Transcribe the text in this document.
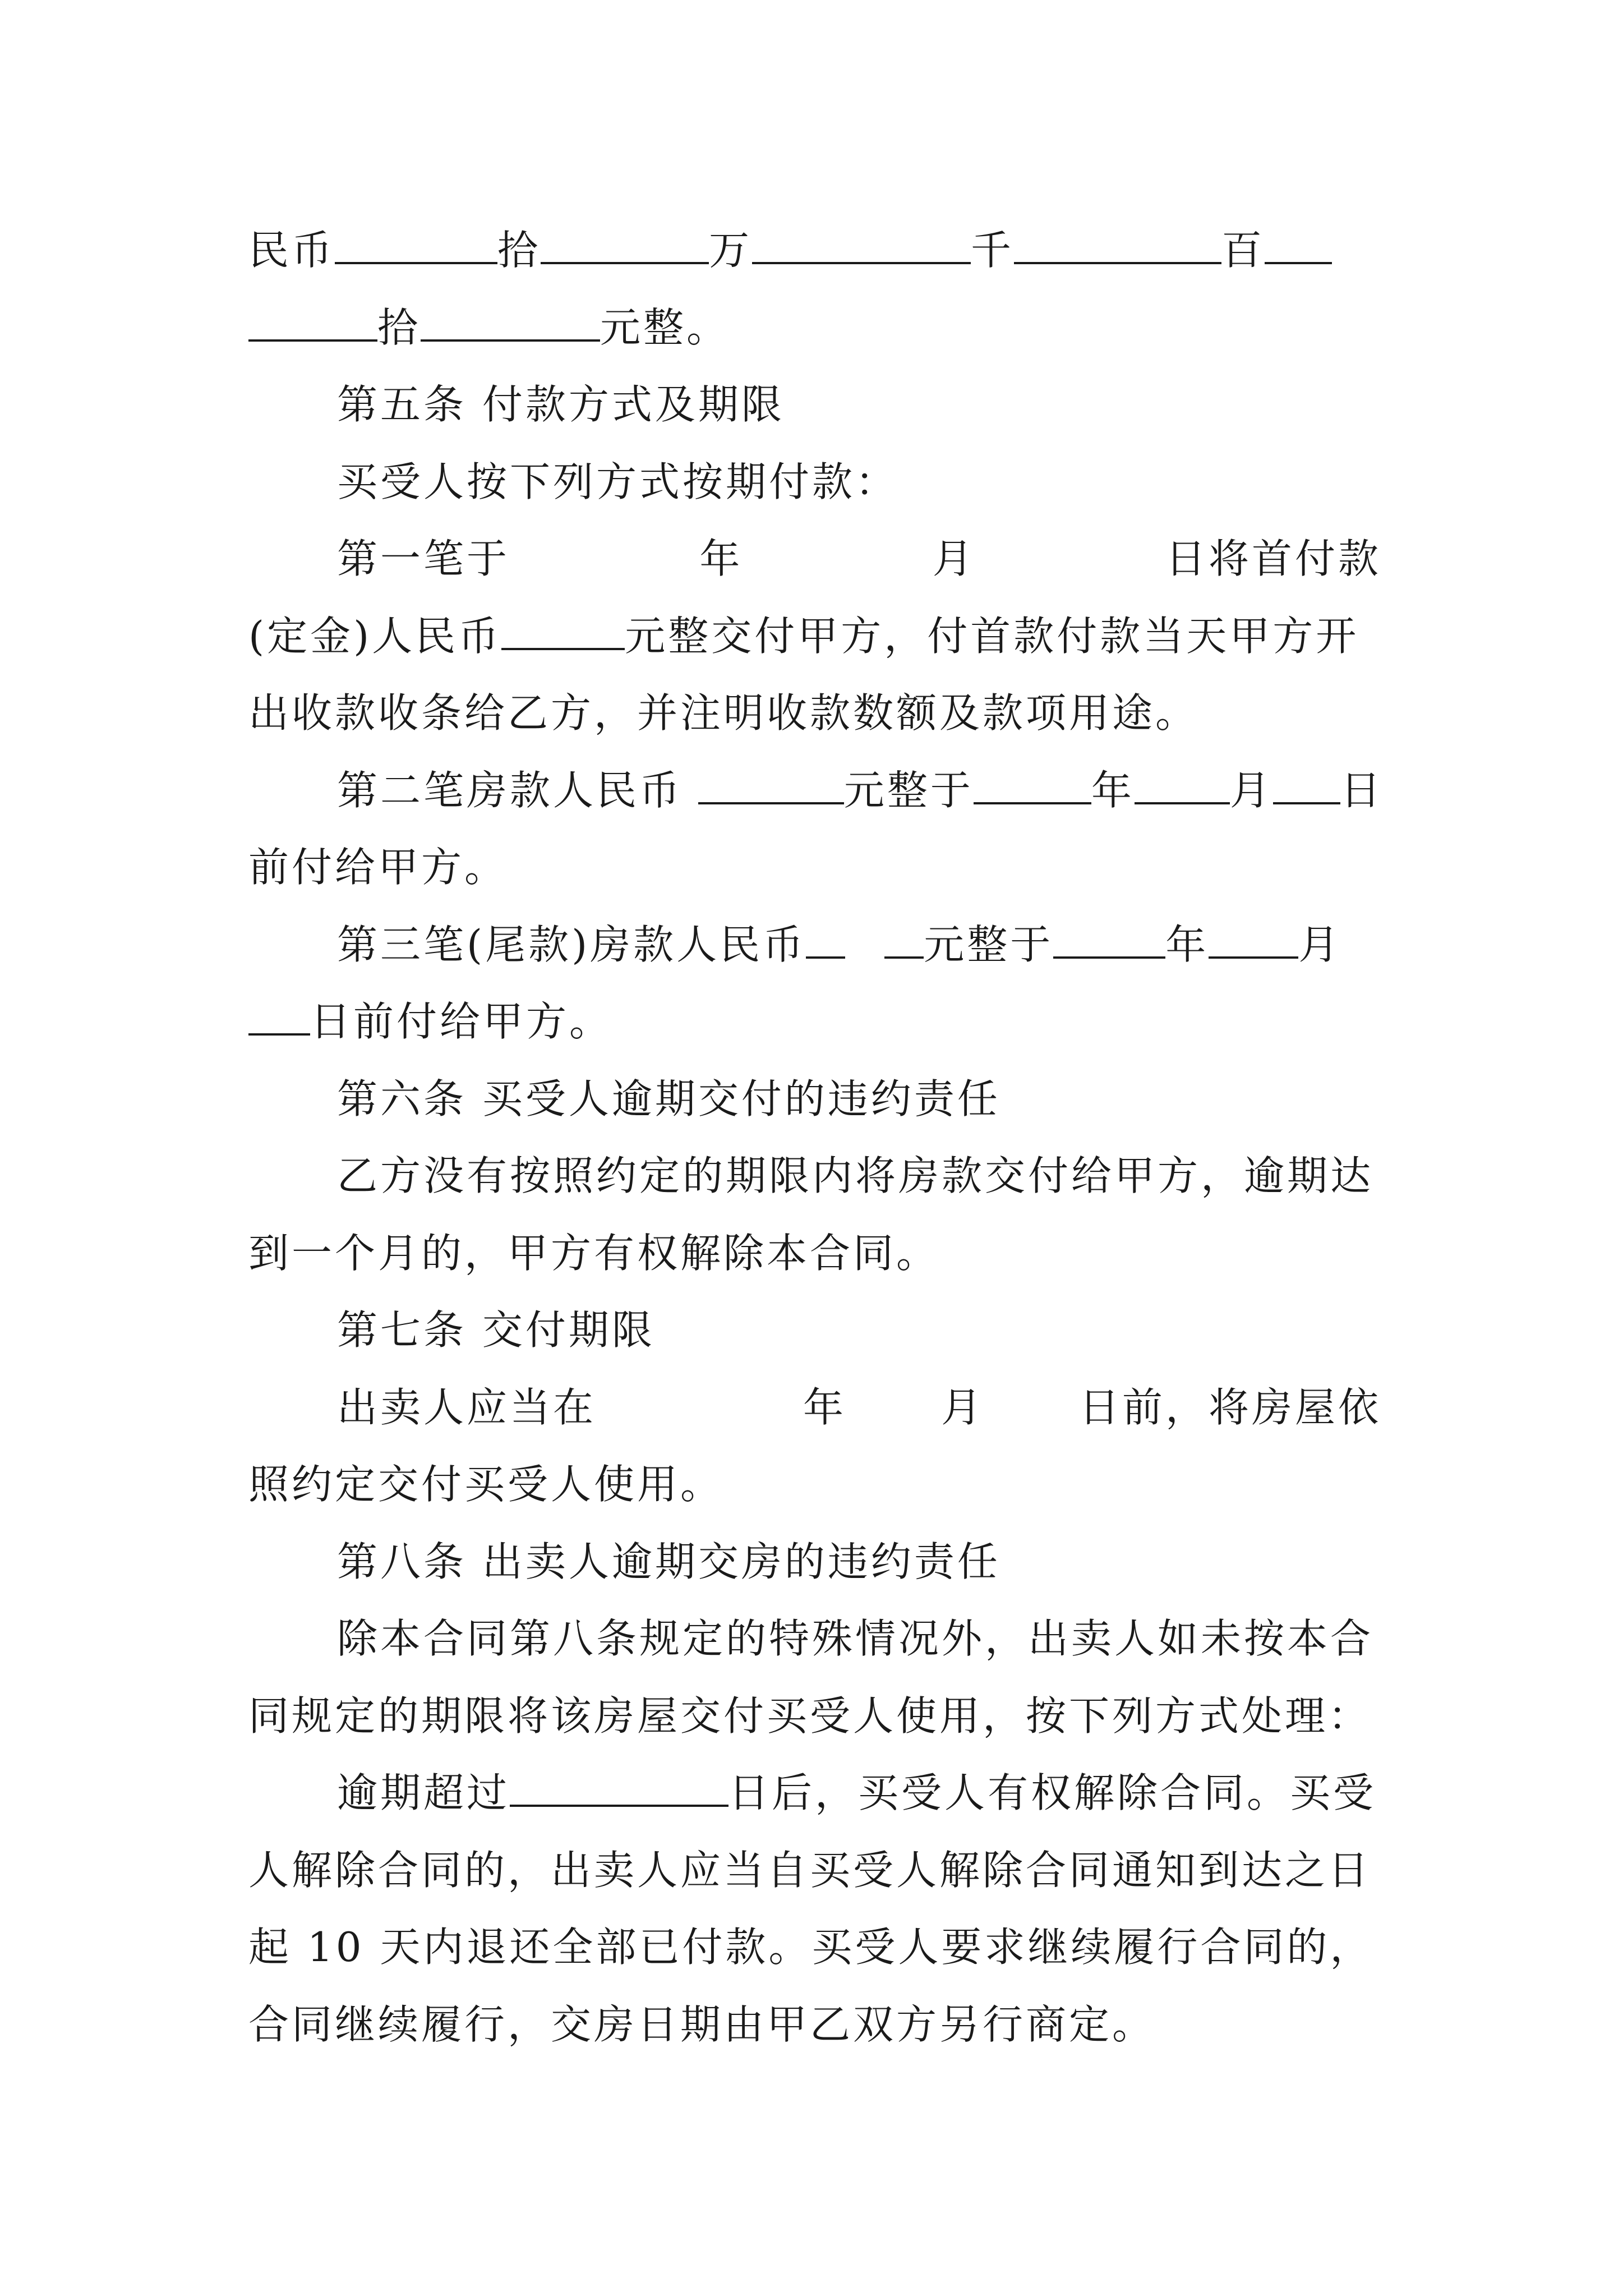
民币	拾	万	千	百
拾	元整。
第五条 付款方式及期限
买受人按下列方式按期付款：
第一笔于	年	月	日将首付款
(定金)人民币	元整交付甲方，付首款付款当天甲方开
出收款收条给乙方，并注明收款数额及款项用途。
第二笔房款人民币	元整于	年 月 日
前付给甲方。
第三笔(尾款)房款人民币	元整于	年 月
日前付给甲方。
第六条 买受人逾期交付的违约责任
乙方没有按照约定的期限内将房款交付给甲方，逾期达
到一个月的，甲方有权解除本合同。
第七条 交付期限
出卖人应当在	年 月 日前，将房屋依
照约定交付买受人使用。
第八条 出卖人逾期交房的违约责任
除本合同第八条规定的特殊情况外，出卖人如未按本合
同规定的期限将该房屋交付买受人使用，按下列方式处理：
逾期超过	日后，买受人有权解除合同。买受
人解除合同的，出卖人应当自买受人解除合同通知到达之日
起 10 天内退还全部已付款。买受人要求继续履行合同的，
合同继续履行，交房日期由甲乙双方另行商定。
